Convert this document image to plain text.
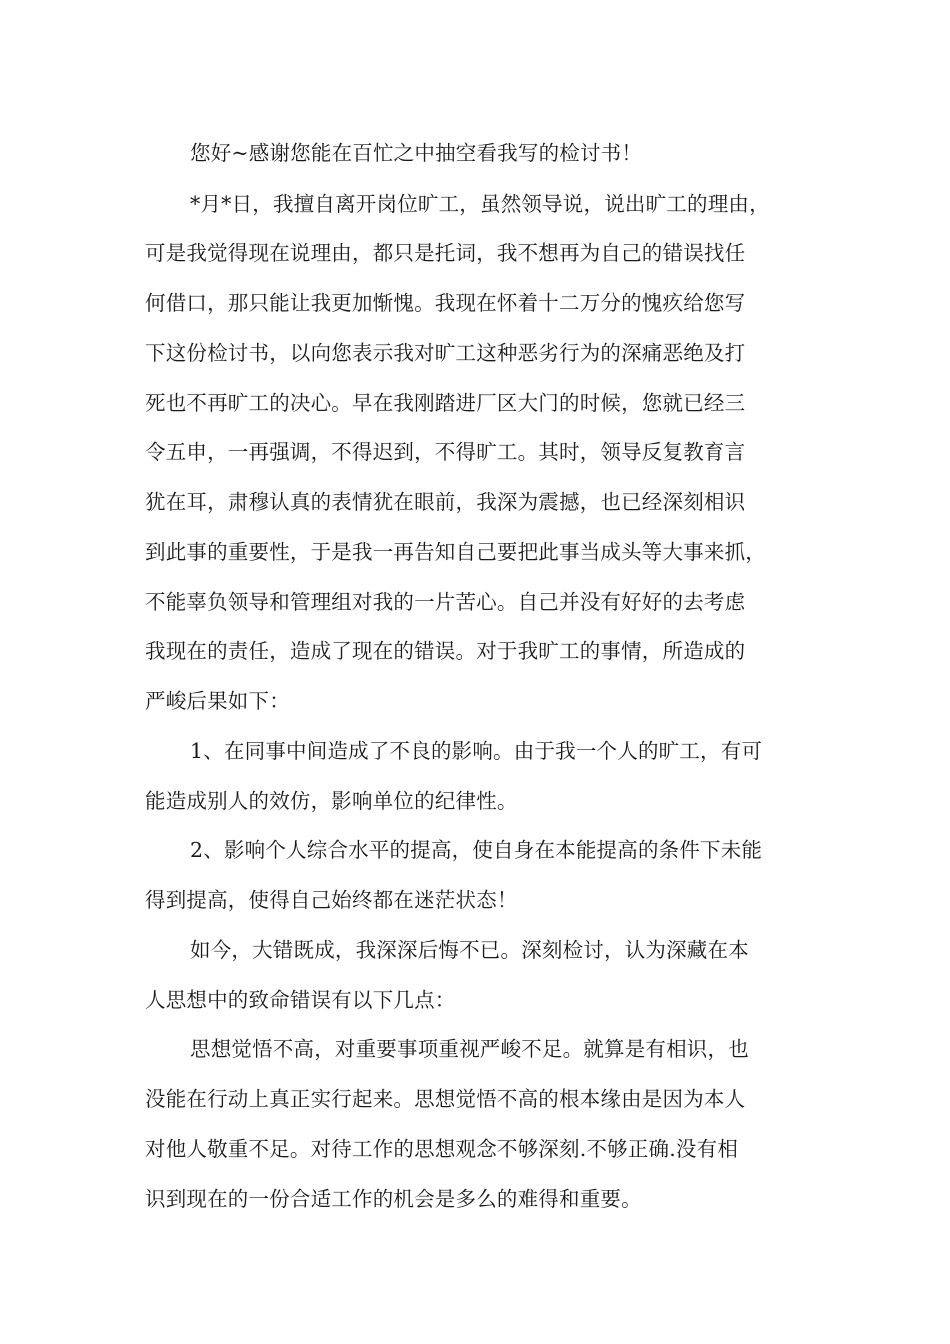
您好~感谢您能在百忙之中抽空看我写的检讨书！
*月*日，我擅自离开岗位旷工，虽然领导说，说出旷工的理由，
可是我觉得现在说理由，都只是托词，我不想再为自己的错误找任
何借口，那只能让我更加惭愧。我现在怀着十二万分的愧疚给您写
下这份检讨书，以向您表示我对旷工这种恶劣行为的深痛恶绝及打
死也不再旷工的决心。早在我刚踏进厂区大门的时候，您就已经三
令五申，一再强调，不得迟到，不得旷工。其时，领导反复教育言
犹在耳，肃穆认真的表情犹在眼前，我深为震撼，也已经深刻相识
到此事的重要性，于是我一再告知自己要把此事当成头等大事来抓，
不能辜负领导和管理组对我的一片苦心。自己并没有好好的去考虑
我现在的责任，造成了现在的错误。对于我旷工的事情，所造成的
严峻后果如下：
1、在同事中间造成了不良的影响。由于我一个人的旷工，有可
能造成别人的效仿，影响单位的纪律性。
2、影响个人综合水平的提高，使自身在本能提高的条件下未能
得到提高，使得自己始终都在迷茫状态！
如今，大错既成，我深深后悔不已。深刻检讨，认为深藏在本
人思想中的致命错误有以下几点：
思想觉悟不高，对重要事项重视严峻不足。就算是有相识，也
没能在行动上真正实行起来。思想觉悟不高的根本缘由是因为本人
对他人敬重不足。对待工作的思想观念不够深刻.不够正确.没有相
识到现在的一份合适工作的机会是多么的难得和重要。
